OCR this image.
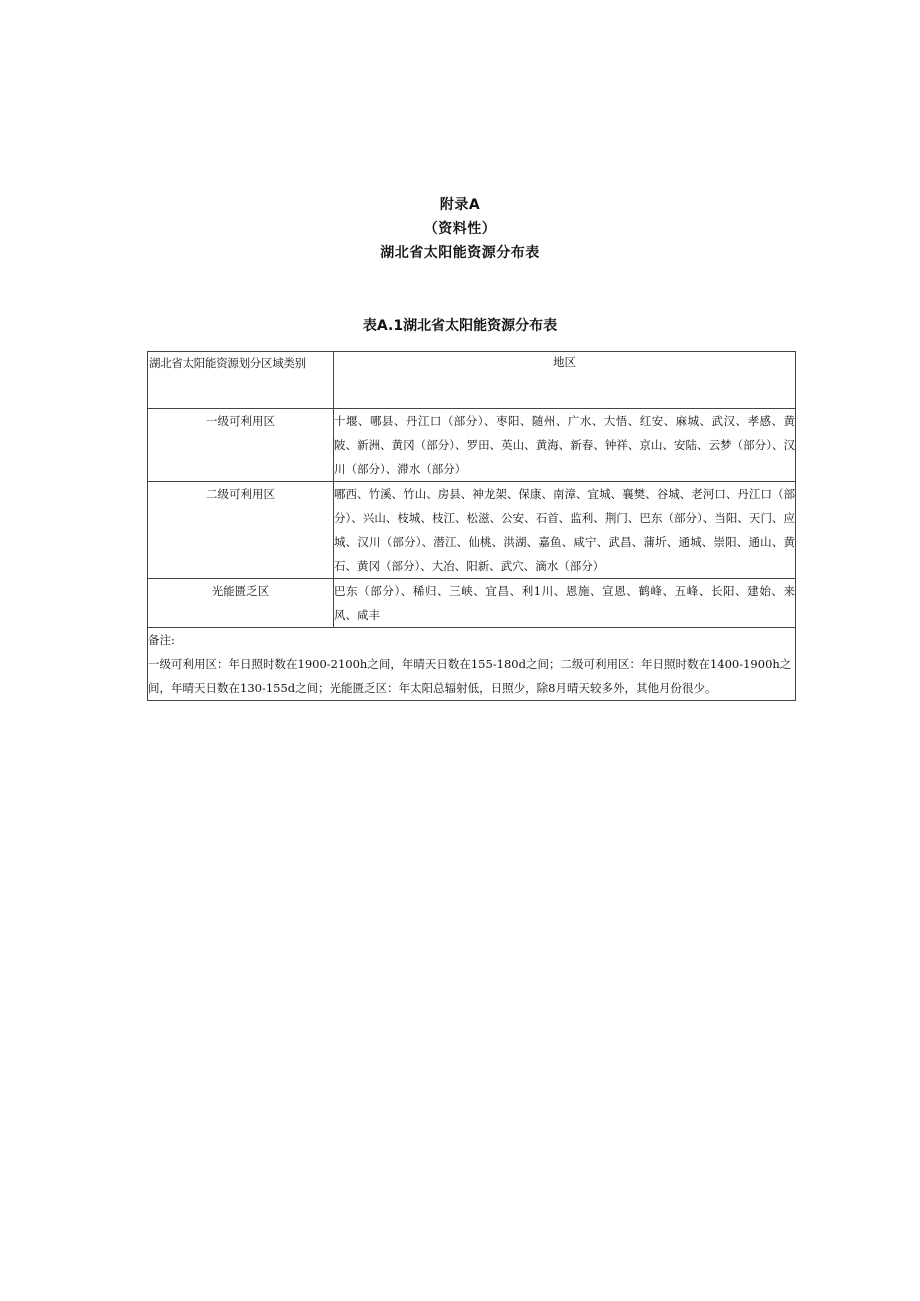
附录A
（资料性）
湖北省太阳能资源分布表
表A.1湖北省太阳能资源分布表
湖北省太阳能资源划分区域类别	地区

一级可利用区	十堰、哪县、丹江口（部分）、枣阳、随州、广水、大悟、红安、麻城、武汉、孝感、黄陂、新洲、黄冈（部分）、罗田、英山、黄海、新春、钟祥、京山、安陆、云梦（部分）、汉川（部分）、滞水（部分）

二级可利用区	哪西、竹溪、竹山、房县、神龙架、保康、南漳、宜城、襄樊、谷城、老河口、丹江口（部分）、兴山、枝城、枝江、松滋、公安、石首、监利、荆门、巴东（部分）、当阳、天门、应城、汉川（部分）、潜江、仙桃、洪湖、嘉鱼、咸宁、武昌、蒲圻、通城、崇阳、通山、黄石、黄冈（部分）、大冶、阳新、武穴、滴水（部分）

光能匮乏区	巴东（部分）、稀归、三峡、宜昌、利1川、恩施、宣恩、鹤峰、五峰、长阳、建始、来风、咸丰

备注:
一级可利用区：年日照时数在1900-2100h之间，年晴天日数在155-180d之间；二级可利用区：年日照时数在1400-1900h之间，年晴天日数在130-155d之间；光能匮乏区：年太阳总辐射低，日照少，除8月晴天较多外，其他月份很少。	
